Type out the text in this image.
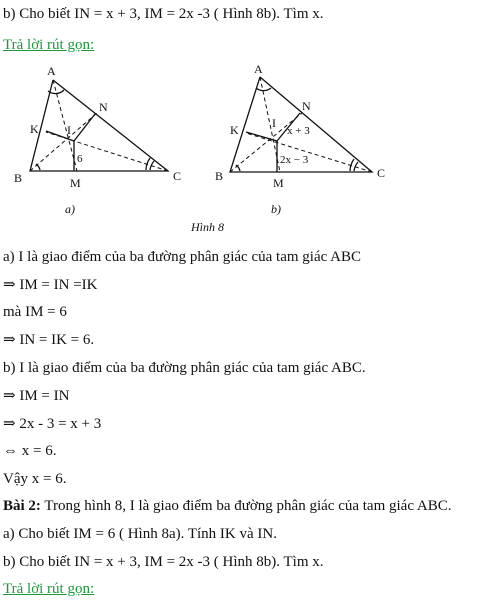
b) Cho biết IN = x + 3, IM = 2x -3 ( Hình 8b). Tìm x.
Trả lời rút gọn:
A
B	C
K
N
I
M
6
a)
A
B	C
K
N
I
M
x + 3
2x − 3
b)
Hình 8
a) I là giao điểm của ba đường phân giác của tam giác ABC
⇒ IM = IN =IK
mà IM = 6
⇒ IN = IK = 6.
b) I là giao điểm của ba đường phân giác của tam giác ABC.
⇒ IM = IN
⇒ 2x - 3 = x + 3
⇔ x = 6.
Vậy x = 6.
Bài 2: Trong hình 8, I là giao điểm ba đường phân giác của tam giác ABC.
a) Cho biết IM = 6 ( Hình 8a). Tính IK và IN.
b) Cho biết IN = x + 3, IM = 2x -3 ( Hình 8b). Tìm x.
Trả lời rút gọn:
